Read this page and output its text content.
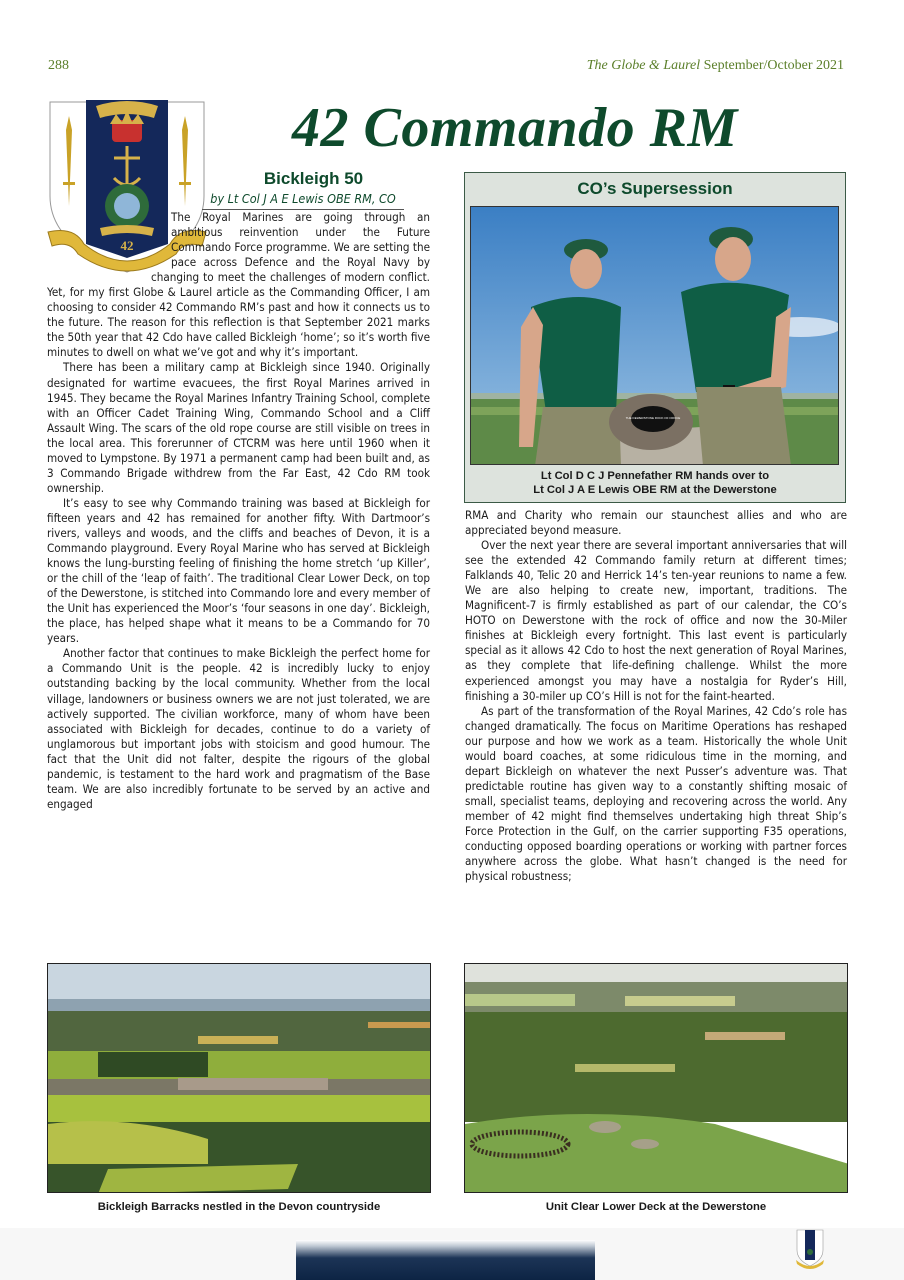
288	The Globe & Laurel September/October 2021
42
42 Commando RM
Bickleigh 50
by Lt Col J A E Lewis OBE RM, CO

The Royal Marines are going through an ambitious reinvention under the Future Commando Force programme. We are setting the pace across Defence and the Royal Navy by changing to meet the challenges of modern conflict. Yet, for my first Globe & Laurel article as the Commanding Officer, I am choosing to consider 42 Commando RM’s past and how it connects us to the future. The reason for this reflection is that September 2021 marks the 50th year that 42 Cdo have called Bickleigh ‘home’; so it’s worth five minutes to dwell on what we’ve got and why it’s important.

There has been a military camp at Bickleigh since 1940. Originally designated for wartime evacuees, the first Royal Marines arrived in 1945. They became the Royal Marines Infantry Training School, complete with an Officer Cadet Training Wing, Commando School and a Cliff Assault Wing. The scars of the old rope course are still visible on trees in the local area. This forerunner of CTCRM was here until 1960 when it moved to Lympstone. By 1971 a permanent camp had been built and, as 3 Commando Brigade withdrew from the Far East, 42 Cdo RM took ownership.

It’s easy to see why Commando training was based at Bickleigh for fifteen years and 42 has remained for another fifty. With Dartmoor’s rivers, valleys and woods, and the cliffs and beaches of Devon, it is a Commando playground. Every Royal Marine who has served at Bickleigh knows the lung-bursting feeling of finishing the home stretch ‘up Killer’, or the chill of the ‘leap of faith’. The traditional Clear Lower Deck, on top of the Dewerstone, is stitched into Commando lore and every member of the Unit has experienced the Moor’s ‘four seasons in one day’. Bickleigh, the place, has helped shape what it means to be a Commando for 70 years.

Another factor that continues to make Bickleigh the perfect home for a Commando Unit is the people. 42 is incredibly lucky to enjoy outstanding backing by the local community. Whether from the local village, landowners or business owners we are not just tolerated, we are actively supported. The civilian workforce, many of whom have been associated with Bickleigh for decades, continue to do a variety of unglamorous but important jobs with stoicism and good humour. The fact that the Unit did not falter, despite the rigours of the global pandemic, is testament to the hard work and pragmatism of the Base team. We are also incredibly fortunate to be served by an active and engaged

CO’s Supersession
THE DEWERSTONE ROCK OF OFFICE
Lt Col D C J Pennefather RM hands over to
Lt Col J A E Lewis OBE RM at the Dewerstone

RMA and Charity who remain our staunchest allies and who are appreciated beyond measure.

Over the next year there are several important anniversaries that will see the extended 42 Commando family return at different times; Falklands 40, Telic 20 and Herrick 14’s ten-year reunions to name a few. We are also helping to create new, important, traditions. The Magnificent-7 is firmly established as part of our calendar, the CO’s HOTO on Dewerstone with the rock of office and now the 30-Miler finishes at Bickleigh every fortnight. This last event is particularly special as it allows 42 Cdo to host the next generation of Royal Marines, as they complete that life-defining challenge. Whilst the more experienced amongst you may have a nostalgia for Ryder’s Hill, finishing a 30-miler up CO’s Hill is not for the faint-hearted.

As part of the transformation of the Royal Marines, 42 Cdo’s role has changed dramatically. The focus on Maritime Operations has reshaped our purpose and how we work as a team. Historically the whole Unit would board coaches, at some ridiculous time in the morning, and depart Bickleigh on whatever the next Pusser’s adventure was. That predictable routine has given way to a constantly shifting mosaic of small, specialist teams, deploying and recovering across the world. Any member of 42 might find themselves undertaking high threat Ship’s Force Protection in the Gulf, on the carrier supporting F35 operations, conducting opposed boarding operations or working with partner forces anywhere across the globe. What hasn’t changed is the need for physical robustness;

Bickleigh Barracks nestled in the Devon countryside	Unit Clear Lower Deck at the Dewerstone
